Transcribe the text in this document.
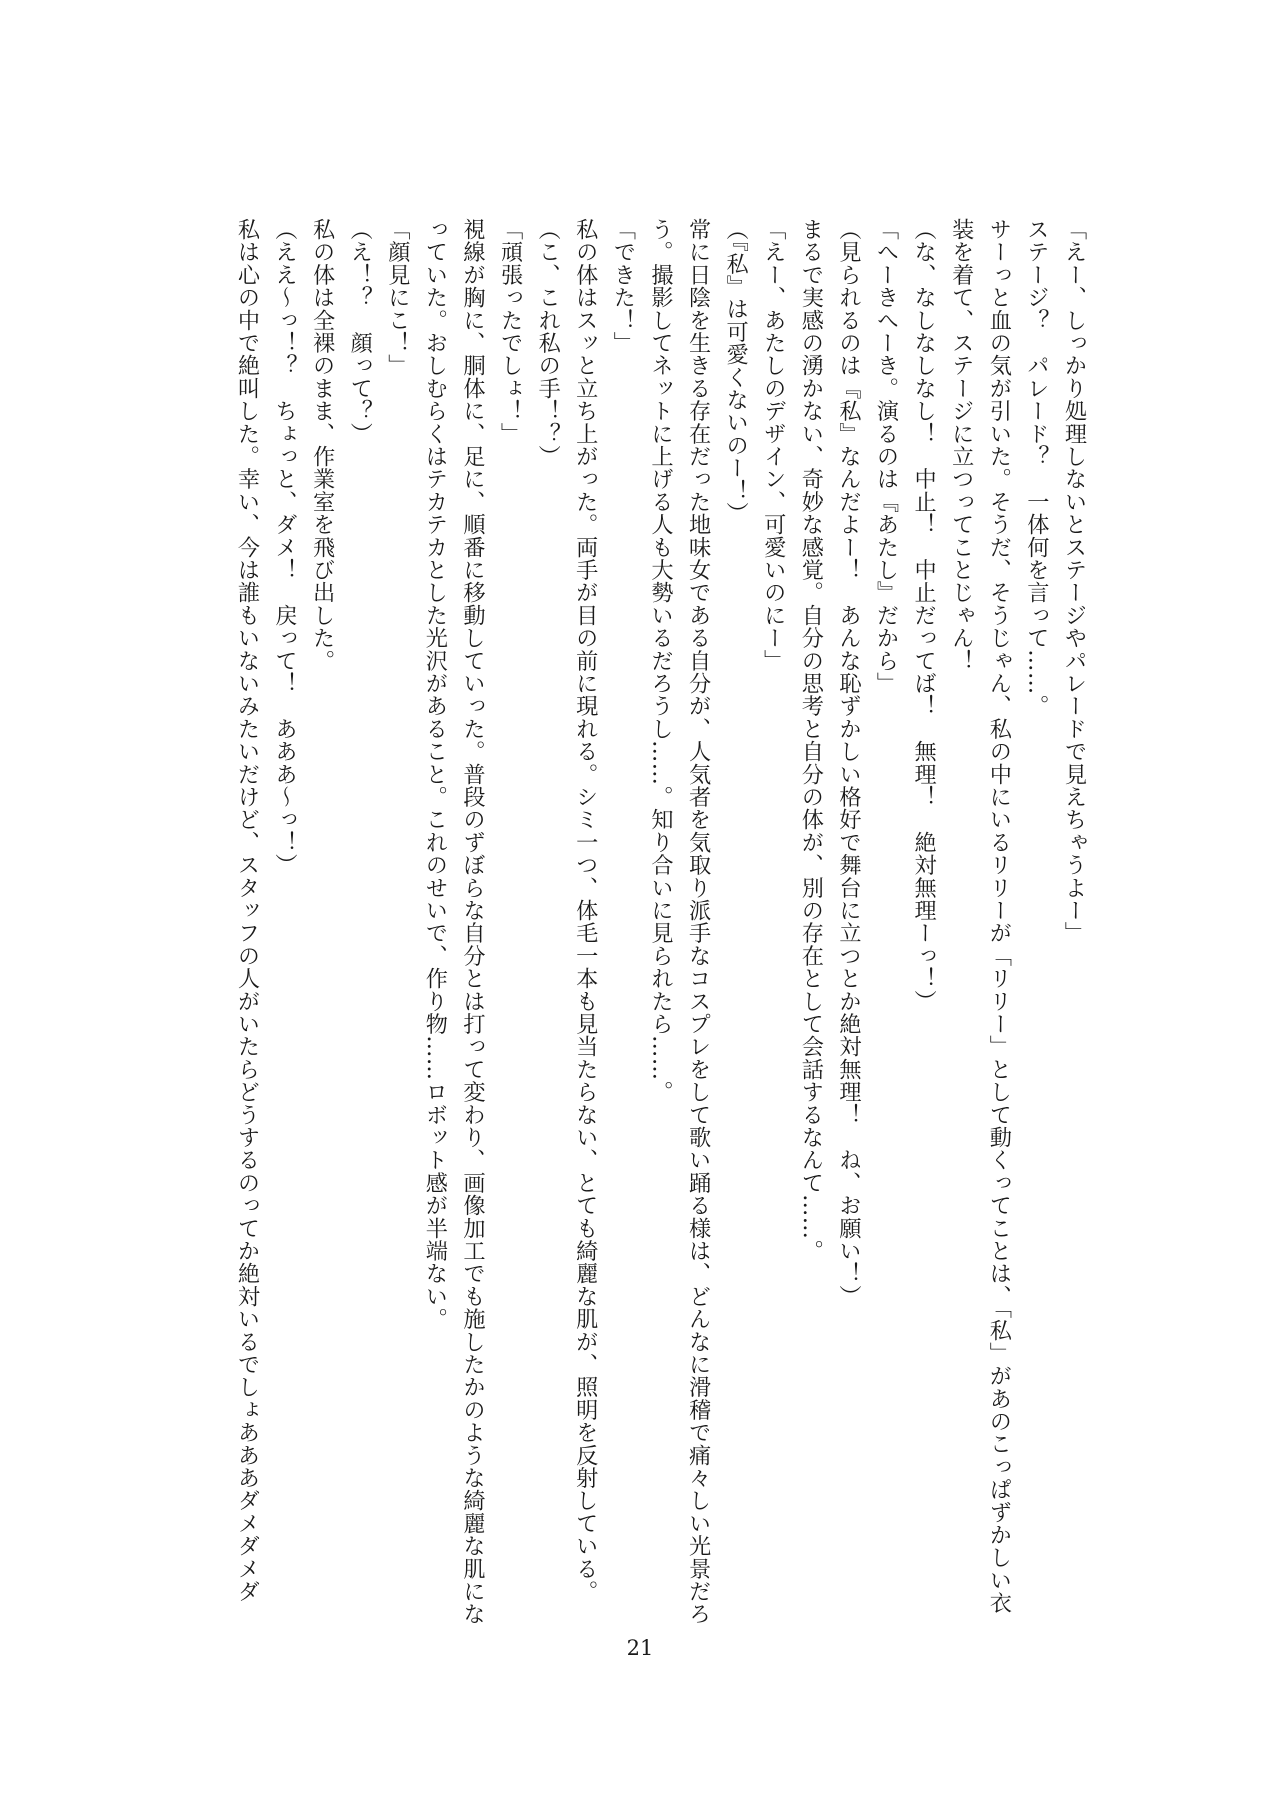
「えー、しっかり処理しないとステージやパレードで見えちゃうよー」

ステージ？　パレード？　一体何を言って……。

サーっと血の気が引いた。そうだ、そうじゃん、私の中にいるリリーが「リリー」として動くってことは、「私」があのこっぱずかしい衣装を着て、ステージに立つってことじゃん！

（な、なしなしなし！　中止！　中止だってば！　無理！　絶対無理ーっ！）

「へーきへーき。演るのは『あたし』だから」

（見られるのは『私』なんだよー！　あんな恥ずかしい格好で舞台に立つとか絶対無理！　ね、お願い！）

まるで実感の湧かない、奇妙な感覚。自分の思考と自分の体が、別の存在として会話するなんて……。

「えー、あたしのデザイン、可愛いのにー」

（『私』は可愛くないのー！）

常に日陰を生きる存在だった地味女である自分が、人気者を気取り派手なコスプレをして歌い踊る様は、どんなに滑稽で痛々しい光景だろう。撮影してネットに上げる人も大勢いるだろうし……。知り合いに見られたら……。

「できた！」

私の体はスッと立ち上がった。両手が目の前に現れる。シミ一つ、体毛一本も見当たらない、とても綺麗な肌が、照明を反射している。

（こ、これ私の手！？）

「頑張ったでしょ！」

視線が胸に、胴体に、足に、順番に移動していった。普段のずぼらな自分とは打って変わり、画像加工でも施したかのような綺麗な肌になっていた。おしむらくはテカテカとした光沢があること。これのせいで、作り物……ロボット感が半端ない。

「顔見にこ！」

（え！？　顔って？）

私の体は全裸のまま、作業室を飛び出した。

（ええ～っ！？　ちょっと、ダメ！　戻って！　あああ～っ！）

私は心の中で絶叫した。幸い、今は誰もいないみたいだけど、スタッフの人がいたらどうするのってか絶対いるでしょあああダメダメダ

21
